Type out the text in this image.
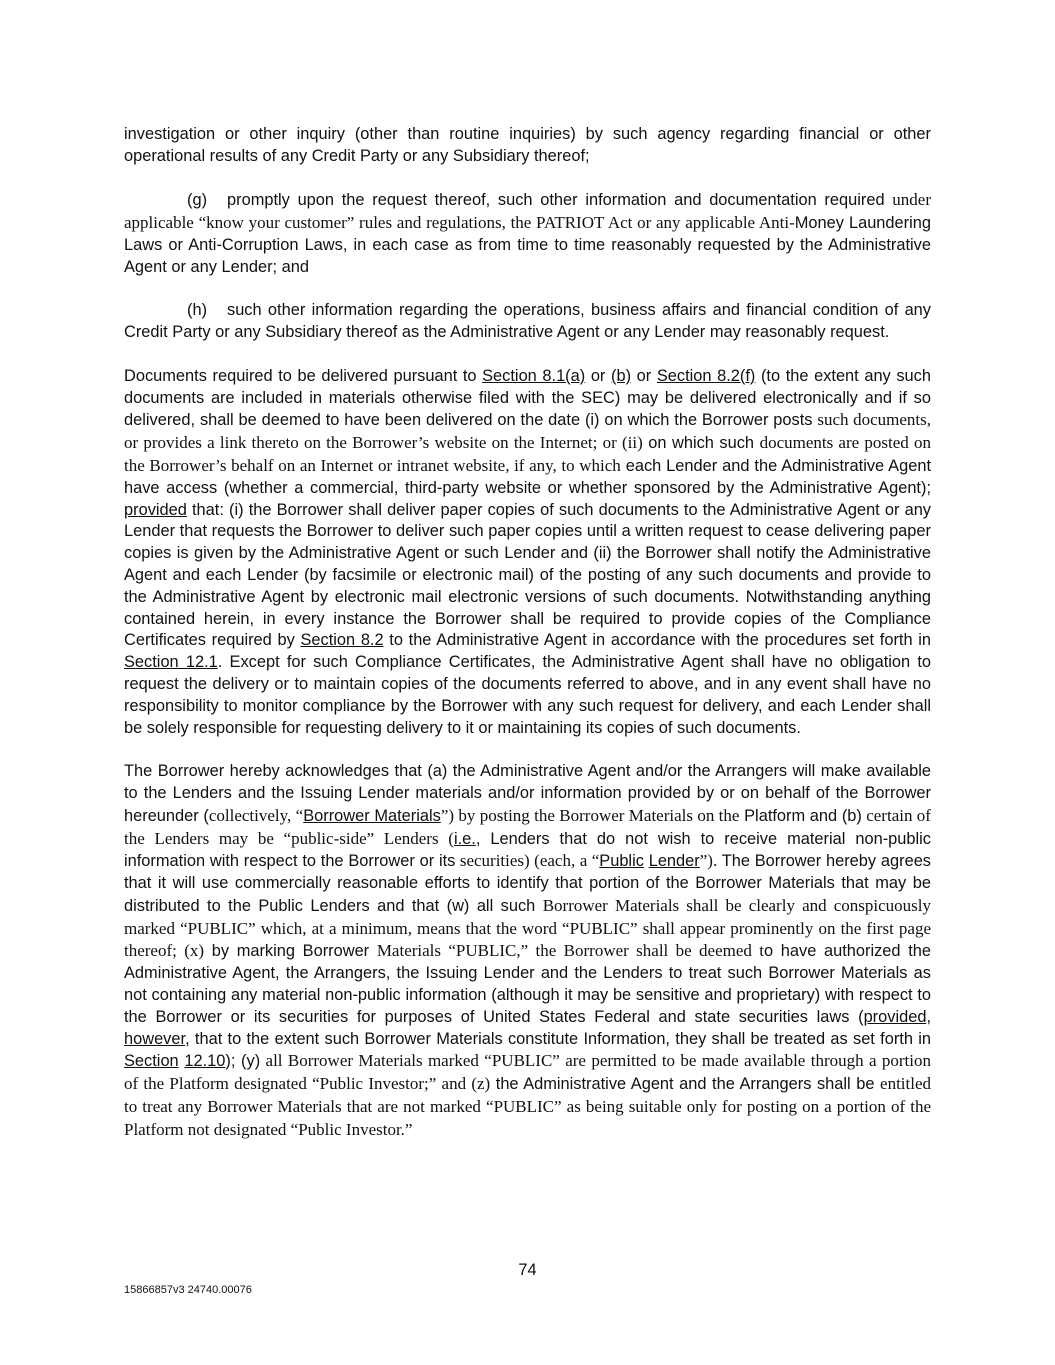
investigation or other inquiry (other than routine inquiries) by such agency regarding financial or other operational results of any Credit Party or any Subsidiary thereof;

(g) promptly upon the request thereof, such other information and documentation required under applicable “know your customer” rules and regulations, the PATRIOT Act or any applicable Anti-Money Laundering Laws or Anti-Corruption Laws, in each case as from time to time reasonably requested by the Administrative Agent or any Lender; and

(h) such other information regarding the operations, business affairs and financial condition of any Credit Party or any Subsidiary thereof as the Administrative Agent or any Lender may reasonably request.

Documents required to be delivered pursuant to Section 8.1(a) or (b) or Section 8.2(f) (to the extent any such documents are included in materials otherwise filed with the SEC) may be delivered electronically and if so delivered, shall be deemed to have been delivered on the date (i) on which the Borrower posts such documents, or provides a link thereto on the Borrower’s website on the Internet; or (ii) on which such documents are posted on the Borrower’s behalf on an Internet or intranet website, if any, to which each Lender and the Administrative Agent have access (whether a commercial, third-party website or whether sponsored by the Administrative Agent); provided that: (i) the Borrower shall deliver paper copies of such documents to the Administrative Agent or any Lender that requests the Borrower to deliver such paper copies until a written request to cease delivering paper copies is given by the Administrative Agent or such Lender and (ii) the Borrower shall notify the Administrative Agent and each Lender (by facsimile or electronic mail) of the posting of any such documents and provide to the Administrative Agent by electronic mail electronic versions of such documents. Notwithstanding anything contained herein, in every instance the Borrower shall be required to provide copies of the Compliance Certificates required by Section 8.2 to the Administrative Agent in accordance with the procedures set forth in Section 12.1. Except for such Compliance Certificates, the Administrative Agent shall have no obligation to request the delivery or to maintain copies of the documents referred to above, and in any event shall have no responsibility to monitor compliance by the Borrower with any such request for delivery, and each Lender shall be solely responsible for requesting delivery to it or maintaining its copies of such documents.

The Borrower hereby acknowledges that (a) the Administrative Agent and/or the Arrangers will make available to the Lenders and the Issuing Lender materials and/or information provided by or on behalf of the Borrower hereunder (collectively, “Borrower Materials”) by posting the Borrower Materials on the Platform and (b) certain of the Lenders may be “public-side” Lenders (i.e., Lenders that do not wish to receive material non-public information with respect to the Borrower or its securities) (each, a “Public Lender”). The Borrower hereby agrees that it will use commercially reasonable efforts to identify that portion of the Borrower Materials that may be distributed to the Public Lenders and that (w) all such Borrower Materials shall be clearly and conspicuously marked “PUBLIC” which, at a minimum, means that the word “PUBLIC” shall appear prominently on the first page thereof; (x) by marking Borrower Materials “PUBLIC,” the Borrower shall be deemed to have authorized the Administrative Agent, the Arrangers, the Issuing Lender and the Lenders to treat such Borrower Materials as not containing any material non-public information (although it may be sensitive and proprietary) with respect to the Borrower or its securities for purposes of United States Federal and state securities laws (provided, however, that to the extent such Borrower Materials constitute Information, they shall be treated as set forth in Section 12.10); (y) all Borrower Materials marked “PUBLIC” are permitted to be made available through a portion of the Platform designated “Public Investor;” and (z) the Administrative Agent and the Arrangers shall be entitled to treat any Borrower Materials that are not marked “PUBLIC” as being suitable only for posting on a portion of the Platform not designated “Public Investor.”

74
15866857v3 24740.00076
